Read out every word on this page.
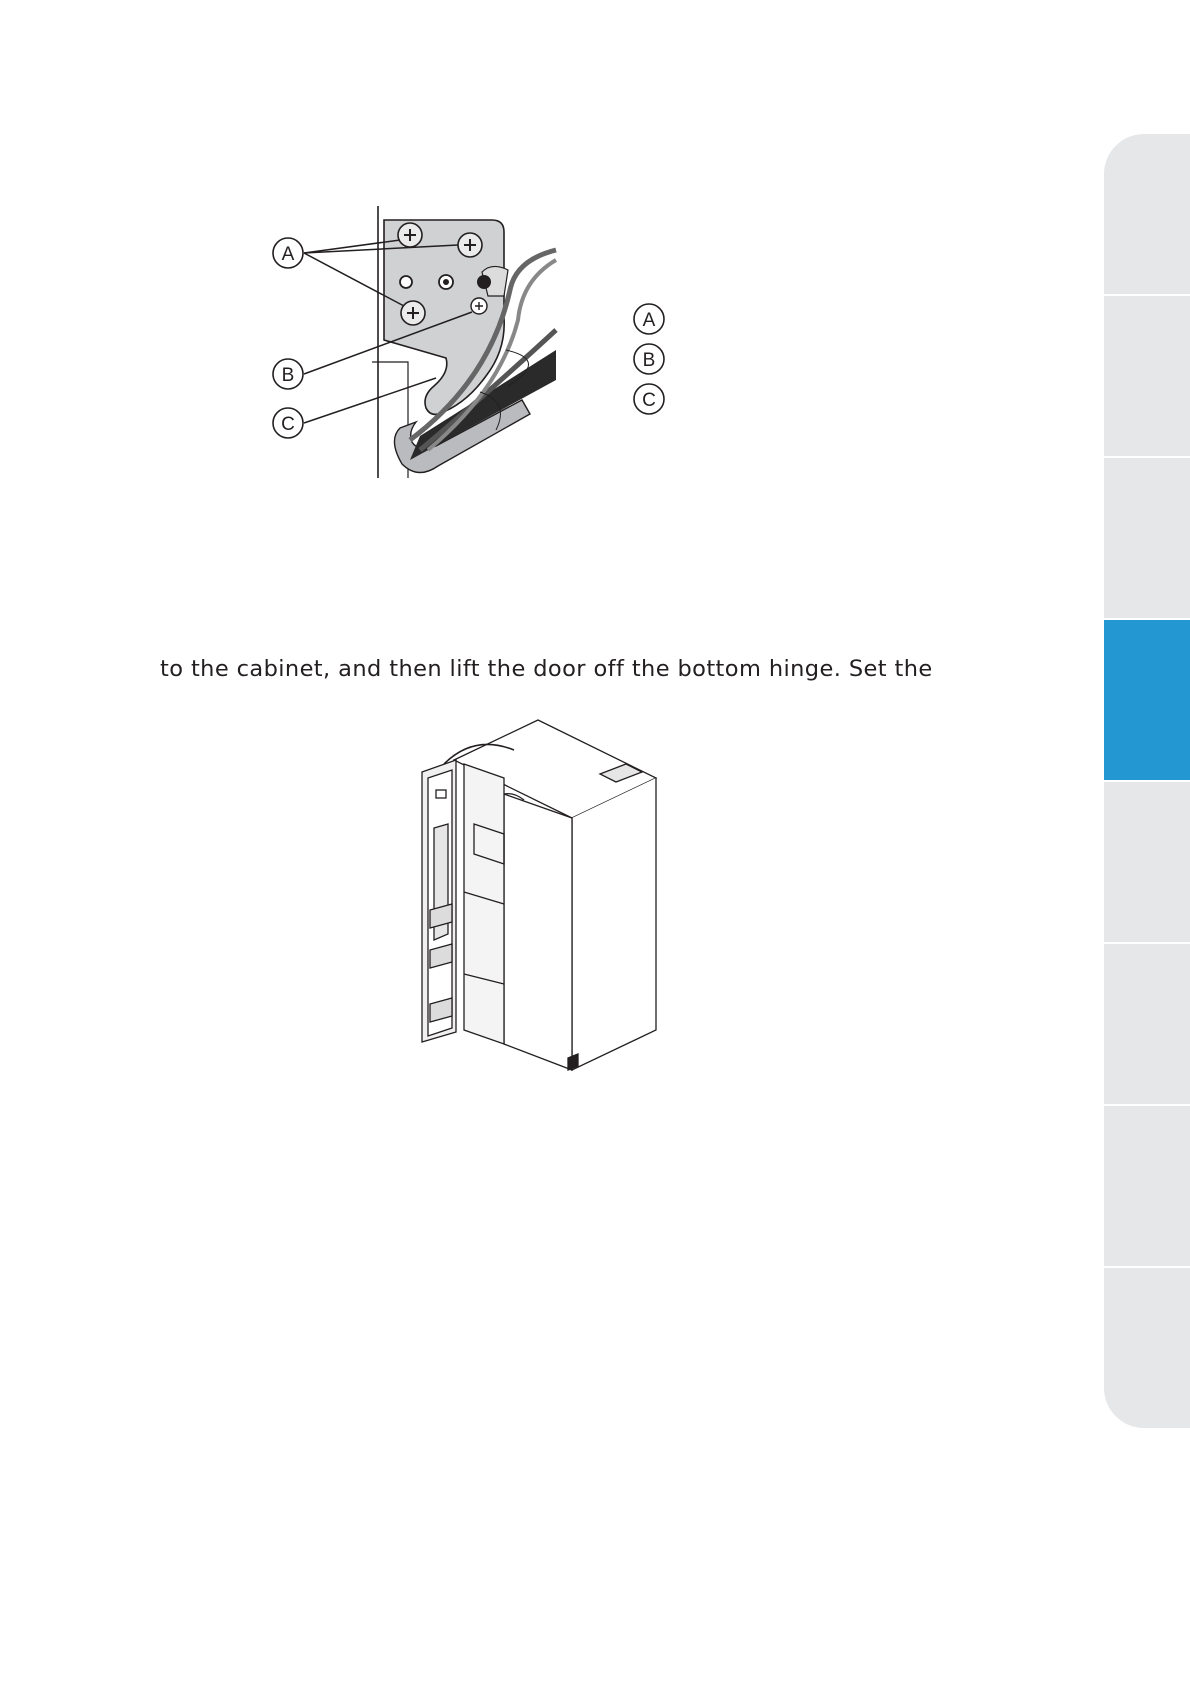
A
B
C
A
B
C
to the cabinet, and then lift the door off the bottom hinge. Set the
